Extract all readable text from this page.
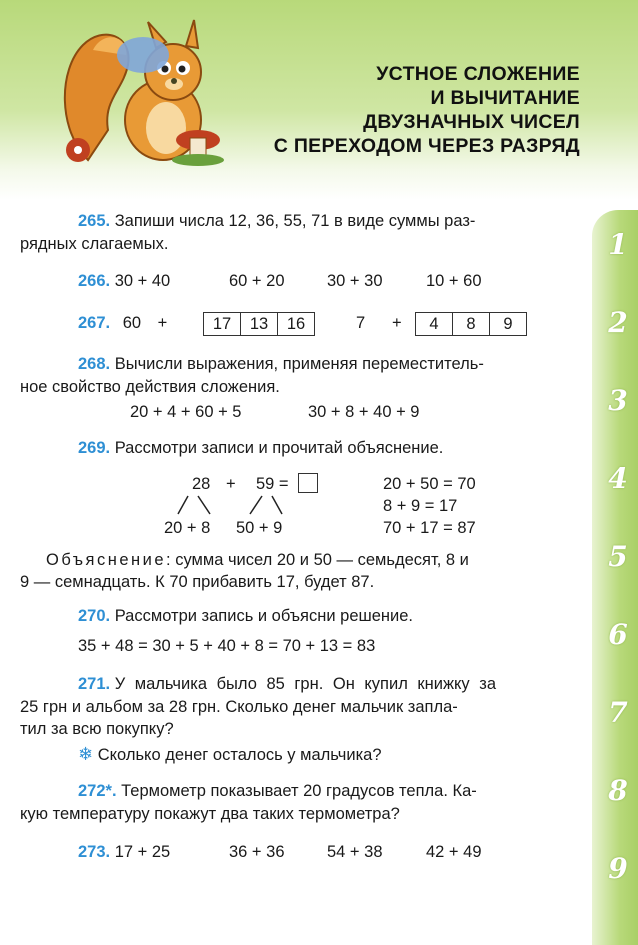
1
2
3
4
5
6
7
8
9
УСТНОЕ СЛОЖЕНИЕ
И ВЫЧИТАНИЕ
ДВУЗНАЧНЫХ ЧИСЕЛ
С ПЕРЕХОДОМ ЧЕРЕЗ РАЗРЯД
265. Запиши числа 12, 36, 55, 71 в виде суммы раз-
рядных слагаемых.
266. 30 + 40	60 + 20	30 + 30	10 + 60
267. 60 +	17	13	16	7 +	4	8	9
268. Вычисли выражения, применяя переместитель-
ное свойство действия сложения.
20 + 4 + 60 + 5	30 + 8 + 40 + 9
269. Рассмотри записи и прочитай объяснение.
28 + 59 =
20 + 8 50 + 9
20 + 50 = 70
8 + 9 = 17
70 + 17 = 87
Объяснение: сумма чисел 20 и 50 — семьдесят, 8 и
9 — семнадцать. К 70 прибавить 17, будет 87.
270. Рассмотри запись и объясни решение.
35 + 48 = 30 + 5 + 40 + 8 = 70 + 13 = 83
271. У мальчика было 85 грн. Он купил книжку за
25 грн и альбом за 28 грн. Сколько денег мальчик запла-
тил за всю покупку?
❄ Сколько денег осталось у мальчика?
272*. Термометр показывает 20 градусов тепла. Ка-
кую температуру покажут два таких термометра?
273. 17 + 25	36 + 36	54 + 38	42 + 49
